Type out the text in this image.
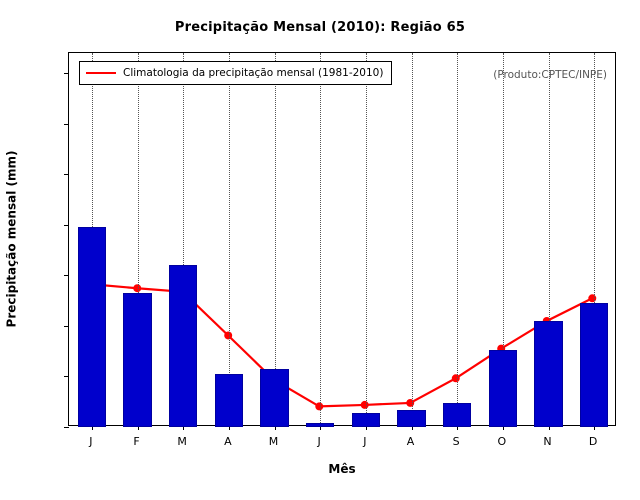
Precipitação Mensal (2010): Região 65
Precipitação mensal (mm)
Mês
Climatologia da precipitação mensal (1981-2010)	(Produto:CPTEC/INPE)
J	F	M	A	M	J	J	A	S	O	N	D
